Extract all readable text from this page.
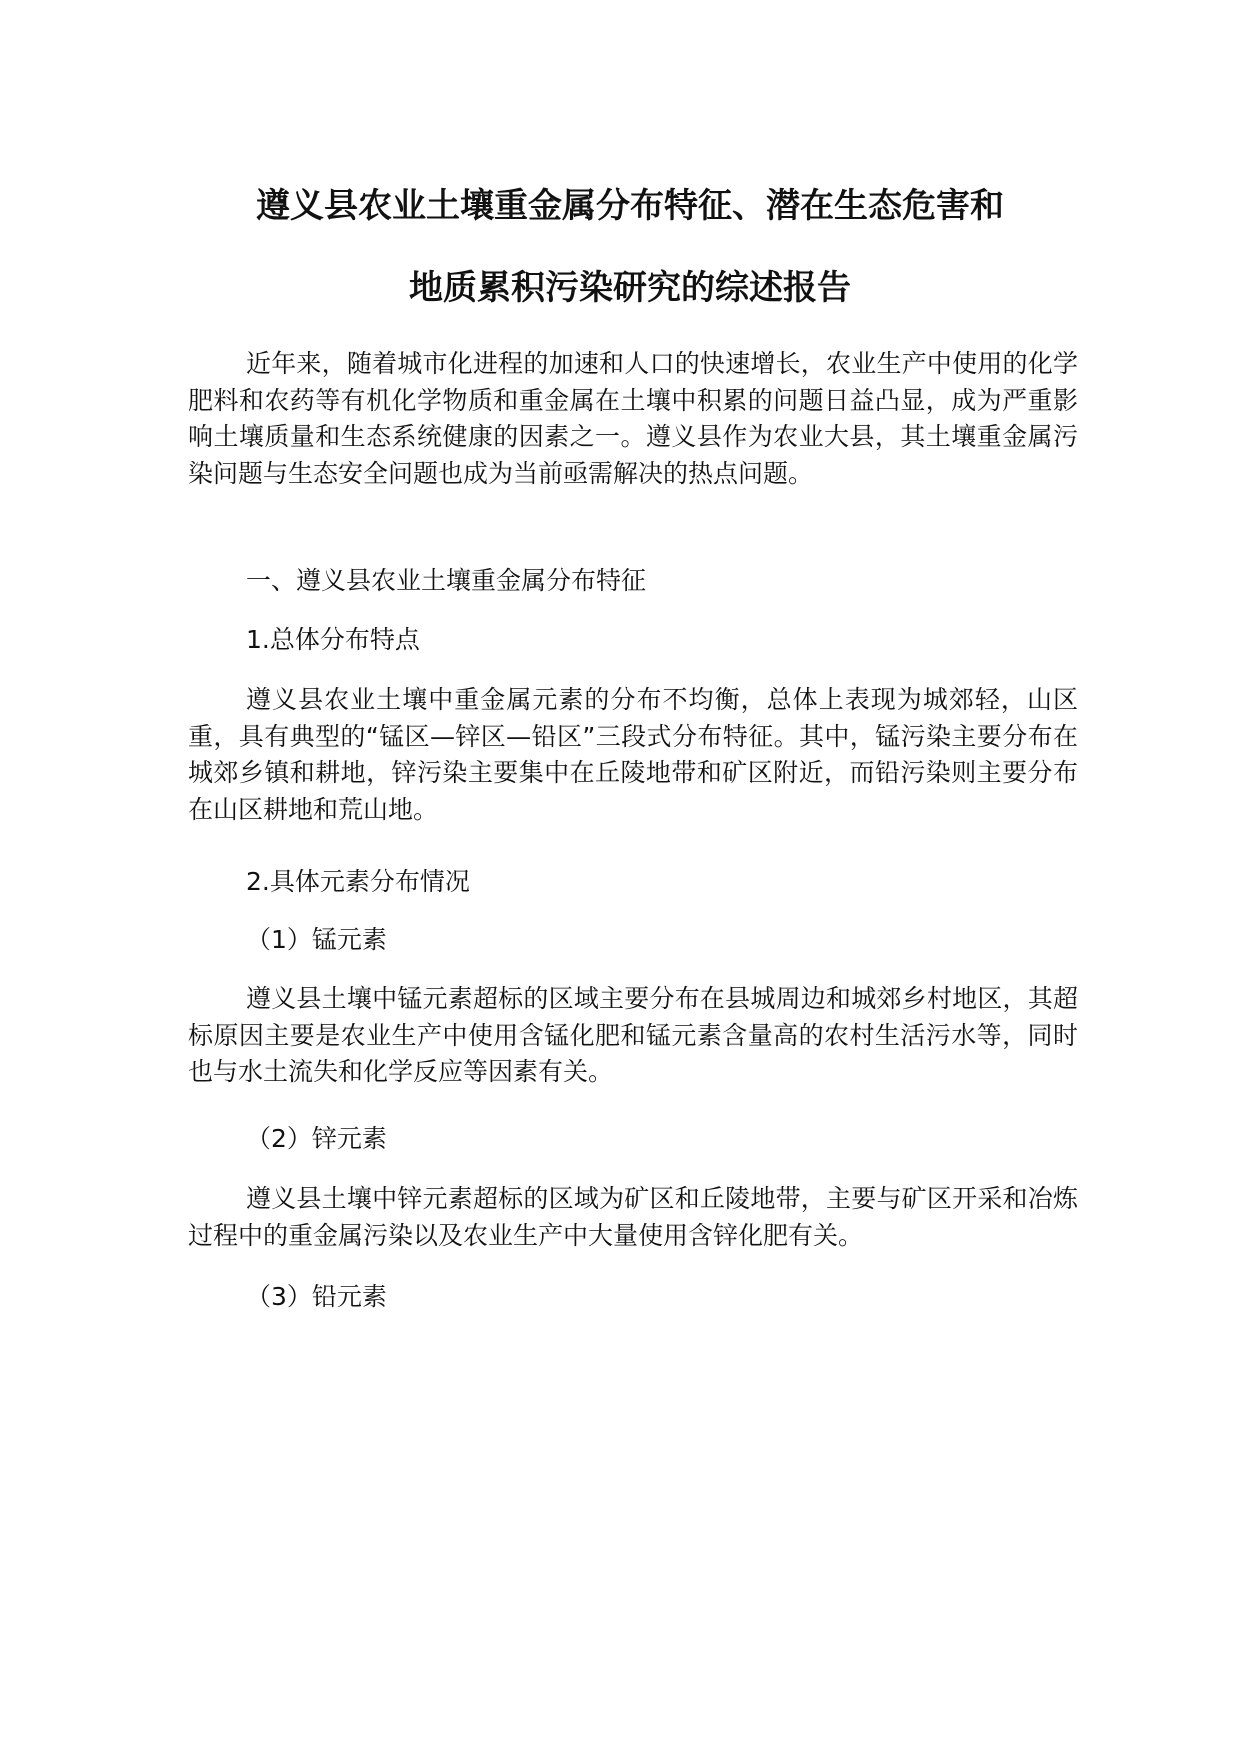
遵义县农业土壤重金属分布特征、潜在生态危害和
地质累积污染研究的综述报告

近年来，随着城市化进程的加速和人口的快速增长，农业生产中使用的化学肥料和农药等有机化学物质和重金属在土壤中积累的问题日益凸显，成为严重影响土壤质量和生态系统健康的因素之一。遵义县作为农业大县，其土壤重金属污染问题与生态安全问题也成为当前亟需解决的热点问题。

一、遵义县农业土壤重金属分布特征

1.总体分布特点

遵义县农业土壤中重金属元素的分布不均衡，总体上表现为城郊轻，山区重，具有典型的“锰区—锌区—铅区”三段式分布特征。其中，锰污染主要分布在城郊乡镇和耕地，锌污染主要集中在丘陵地带和矿区附近，而铅污染则主要分布在山区耕地和荒山地。

2.具体元素分布情况

（1）锰元素

遵义县土壤中锰元素超标的区域主要分布在县城周边和城郊乡村地区，其超标原因主要是农业生产中使用含锰化肥和锰元素含量高的农村生活污水等，同时也与水土流失和化学反应等因素有关。

（2）锌元素

遵义县土壤中锌元素超标的区域为矿区和丘陵地带，主要与矿区开采和冶炼过程中的重金属污染以及农业生产中大量使用含锌化肥有关。

（3）铅元素
